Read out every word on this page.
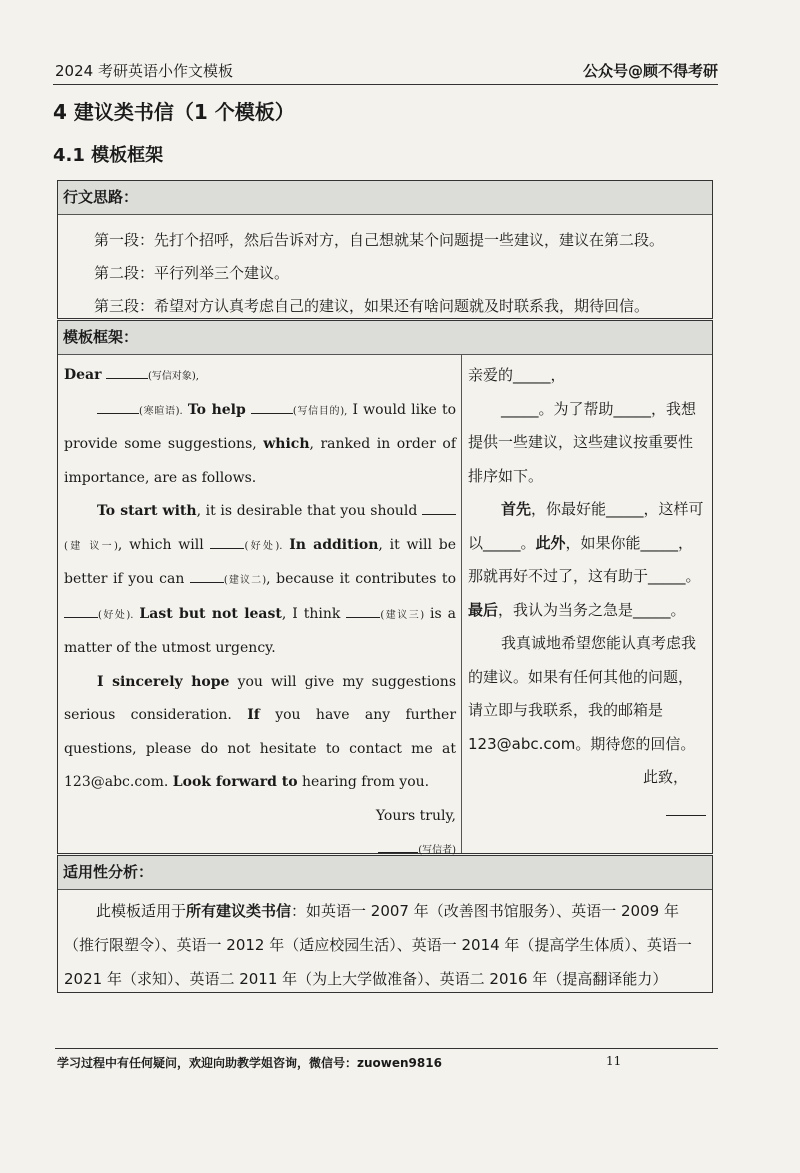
2024 考研英语小作文模板	公众号@顾不得考研
4 建议类书信（1 个模板）
4.1 模板框架
行文思路：
第一段：先打个招呼，然后告诉对方，自己想就某个问题提一些建议，建议在第二段。
第二段：平行列举三个建议。
第三段：希望对方认真考虑自己的建议，如果还有啥问题就及时联系我，期待回信。
模板框架：

Dear	(写信对象),

(寒暄语). To help	(写信目的), I would like to provide some suggestions, which, ranked in order of importance, are as follows.

To start with, it is desirable that you should (建 议一), which will	(好处). In addition, it will be better if you can	(建议二), because it contributes to (好处). Last but not least, I think	(建议三) is a matter of the utmost urgency.

I sincerely hope you will give my suggestions serious consideration. If you have any further questions, please do not hesitate to contact me at 123@abc.com. Look forward to hearing from you.

Yours truly,

(写信者)

亲爱的_____，

_____。为了帮助_____，我想提供一些建议，这些建议按重要性排序如下。

首先，你最好能_____，这样可以_____。此外，如果你能_____，那就再好不过了，这有助于_____。最后，我认为当务之急是_____。

我真诚地希望您能认真考虑我的建议。如果有任何其他的问题，请立即与我联系，我的邮箱是123@abc.com。期待您的回信。

此致，

适用性分析：
此模板适用于所有建议类书信：如英语一 2007 年（改善图书馆服务）、英语一 2009 年（推行限塑令）、英语一 2012 年（适应校园生活）、英语一 2014 年（提高学生体质）、英语一 2021 年（求知）、英语二 2011 年（为上大学做准备）、英语二 2016 年（提高翻译能力）
学习过程中有任何疑问，欢迎向助教学姐咨询，微信号：zuowen9816	11
